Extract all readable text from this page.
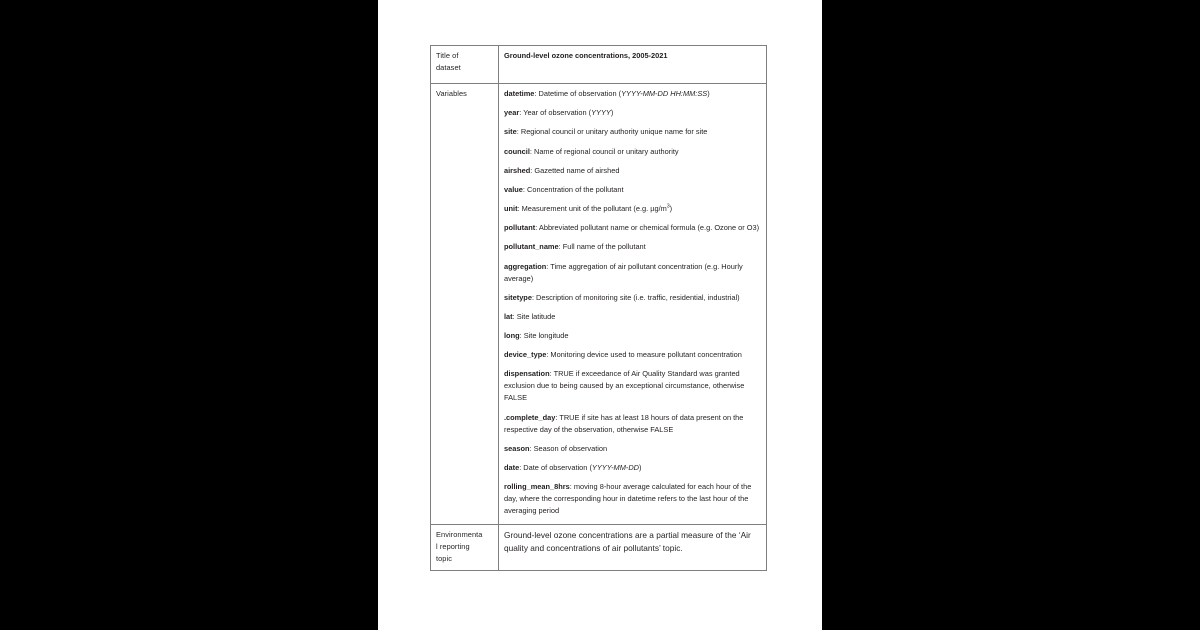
Title of
dataset	Ground-level ozone concentrations, 2005-2021

Variables	datetime: Datetime of observation (YYYY-MM-DD HH:MM:SS)

year: Year of observation (YYYY)

site: Regional council or unitary authority unique name for site

council: Name of regional council or unitary authority

airshed: Gazetted name of airshed

value: Concentration of the pollutant

unit: Measurement unit of the pollutant (e.g. $\mu g/m^3$)

pollutant: Abbreviated pollutant name or chemical formula (e.g. Ozone or O3)

pollutant_name: Full name of the pollutant

aggregation: Time aggregation of air pollutant concentration (e.g. Hourly average)

sitetype: Description of monitoring site (i.e. traffic, residential, industrial)

lat: Site latitude

long: Site longitude

device_type: Monitoring device used to measure pollutant concentration

dispensation: TRUE if exceedance of Air Quality Standard was granted exclusion due to being caused by an exceptional circumstance, otherwise FALSE

.complete_day: TRUE if site has at least 18 hours of data present on the respective day of the observation, otherwise FALSE

season: Season of observation

date: Date of observation (YYYY-MM-DD)

rolling_mean_8hrs: moving 8-hour average calculated for each hour of the day, where the corresponding hour in datetime refers to the last hour of the averaging period

Environmenta
l reporting
topic	Ground-level ozone concentrations are a partial measure of the ‘Air quality and concentrations of air pollutants’ topic.
